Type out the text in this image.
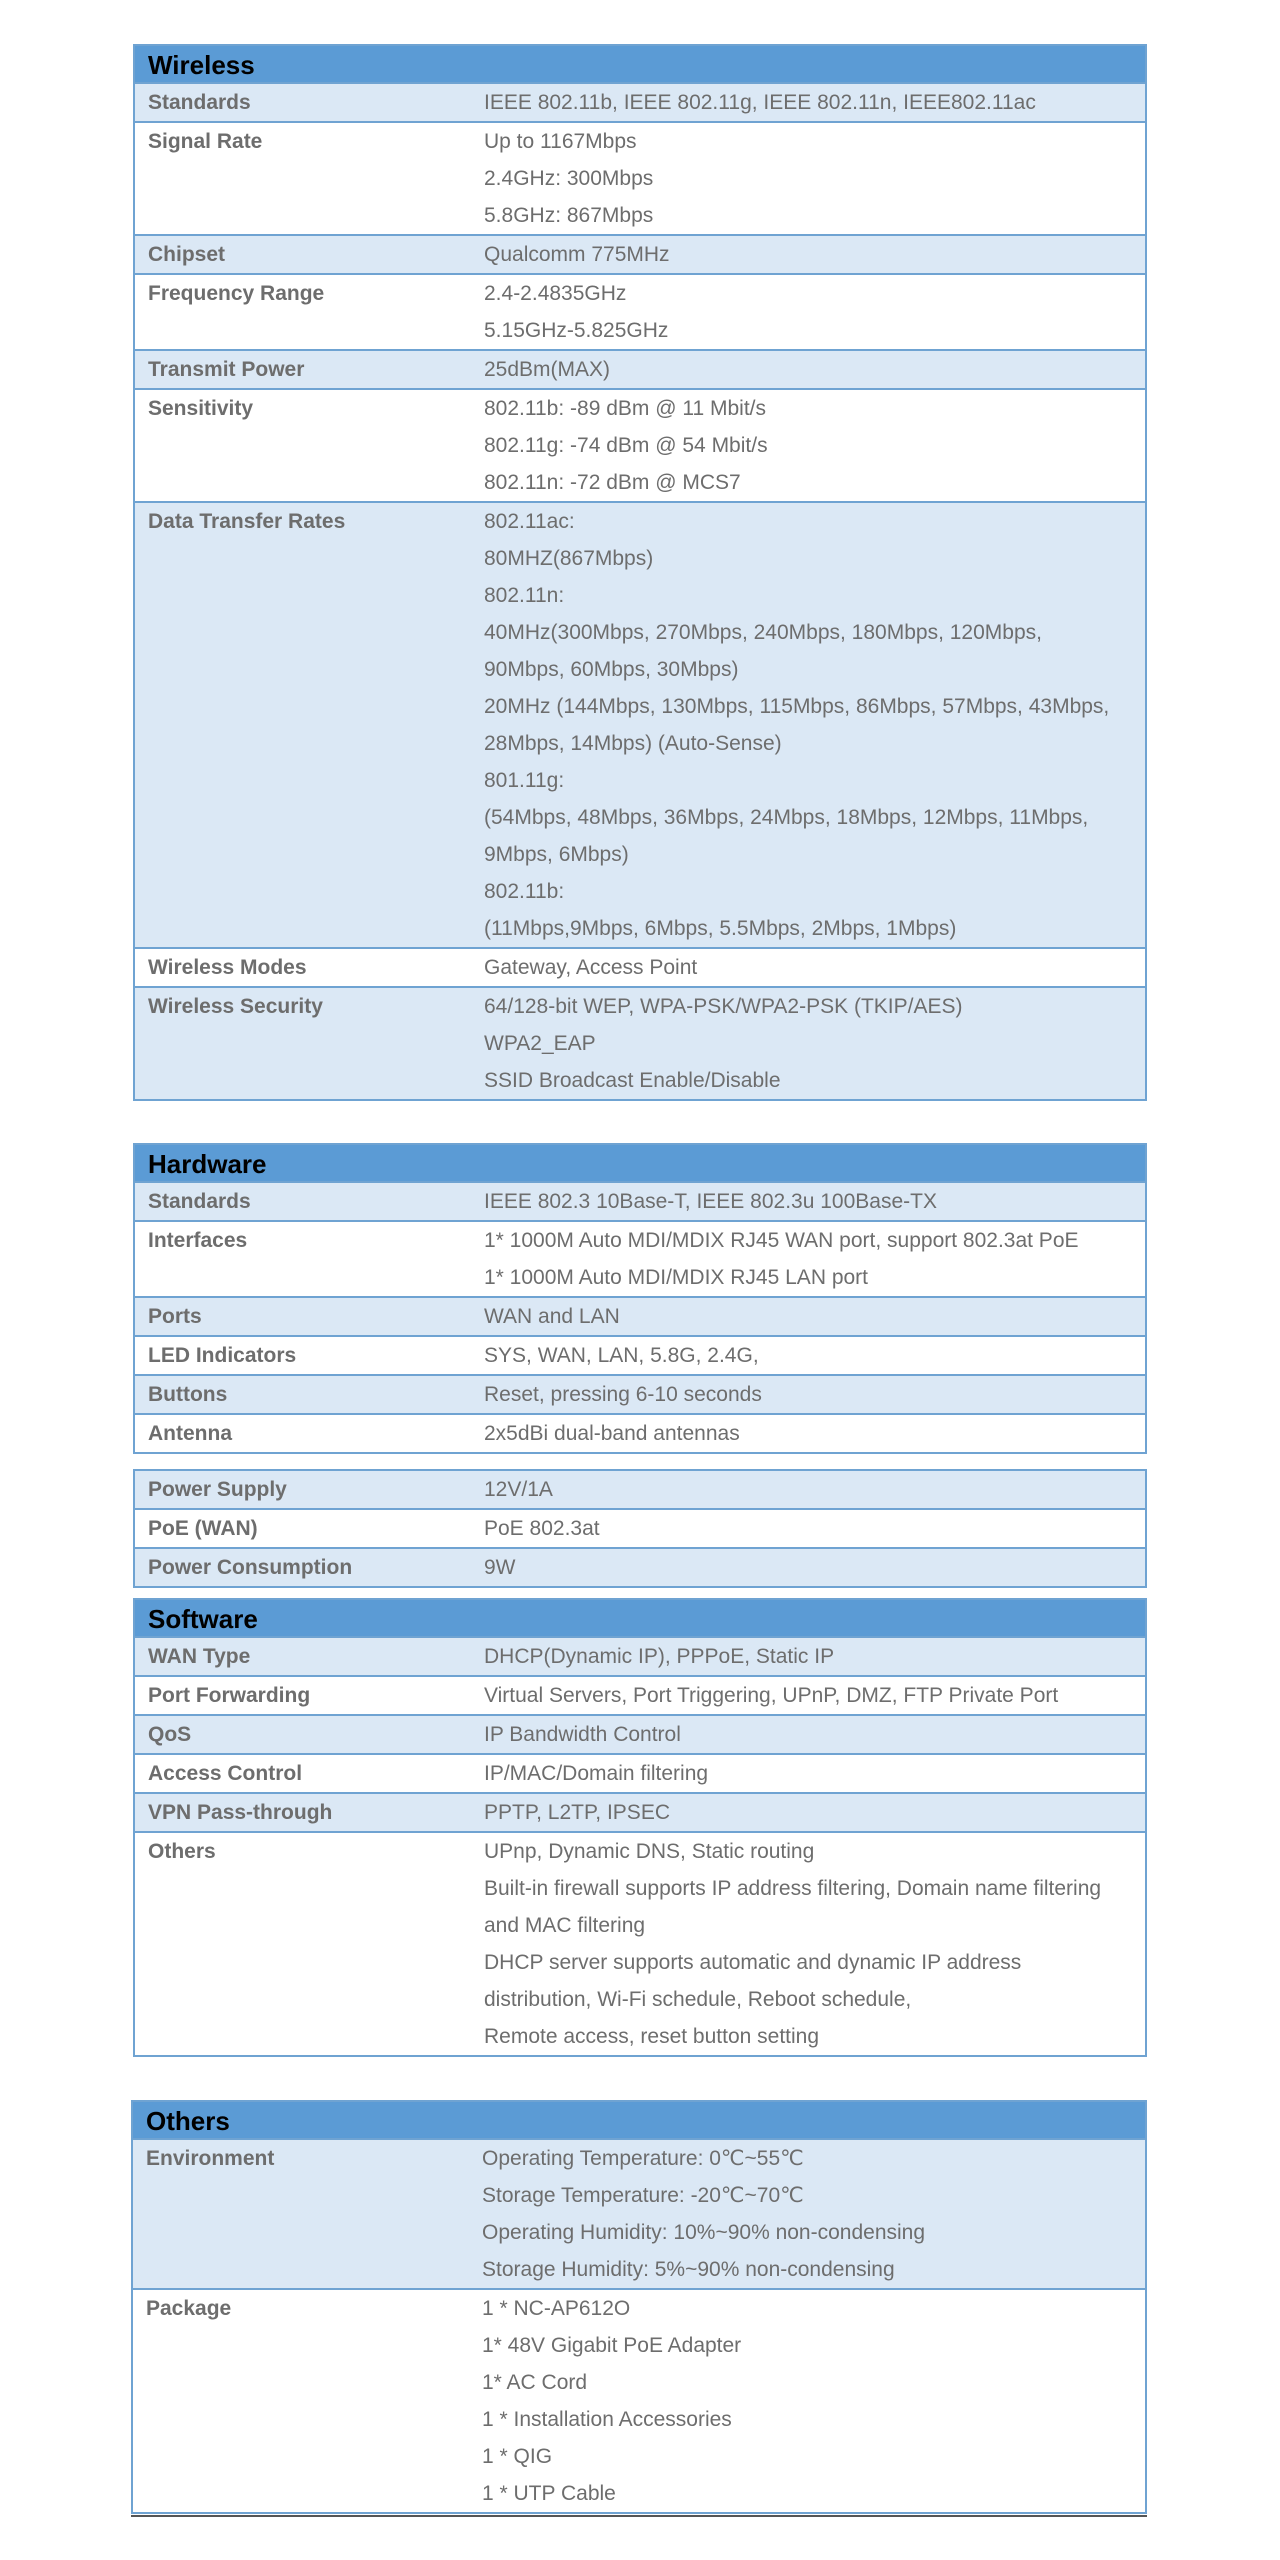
Wireless
Standards	IEEE 802.11b, IEEE 802.11g, IEEE 802.11n, IEEE802.11ac
Signal Rate	Up to 1167Mbps
2.4GHz: 300Mbps
5.8GHz: 867Mbps
Chipset	Qualcomm 775MHz
Frequency Range	2.4-2.4835GHz
5.15GHz-5.825GHz
Transmit Power	25dBm(MAX)
Sensitivity	802.11b: -89 dBm @ 11 Mbit/s
802.11g: -74 dBm @ 54 Mbit/s
802.11n: -72 dBm @ MCS7
Data Transfer Rates	802.11ac:
80MHZ(867Mbps)
802.11n:
40MHz(300Mbps, 270Mbps, 240Mbps, 180Mbps, 120Mbps,
90Mbps, 60Mbps, 30Mbps)
20MHz (144Mbps, 130Mbps, 115Mbps, 86Mbps, 57Mbps, 43Mbps,
28Mbps, 14Mbps) (Auto-Sense)
801.11g:
(54Mbps, 48Mbps, 36Mbps, 24Mbps, 18Mbps, 12Mbps, 11Mbps,
9Mbps, 6Mbps)
802.11b:
(11Mbps,9Mbps, 6Mbps, 5.5Mbps, 2Mbps, 1Mbps)
Wireless Modes	Gateway, Access Point
Wireless Security	64/128-bit WEP, WPA-PSK/WPA2-PSK (TKIP/AES)
WPA2_EAP
SSID Broadcast Enable/Disable
Hardware
Standards	IEEE 802.3 10Base-T, IEEE 802.3u 100Base-TX
Interfaces	1* 1000M Auto MDI/MDIX RJ45 WAN port, support 802.3at PoE
1* 1000M Auto MDI/MDIX RJ45 LAN port
Ports	WAN and LAN
LED Indicators	SYS, WAN, LAN, 5.8G, 2.4G,
Buttons	Reset, pressing 6-10 seconds
Antenna	2x5dBi dual-band antennas
Power Supply	12V/1A
PoE (WAN)	PoE 802.3at
Power Consumption	9W
Software
WAN Type	DHCP(Dynamic IP), PPPoE, Static IP
Port Forwarding	Virtual Servers, Port Triggering, UPnP, DMZ, FTP Private Port
QoS	IP Bandwidth Control
Access Control	IP/MAC/Domain filtering
VPN Pass-through	PPTP, L2TP, IPSEC
Others	UPnp, Dynamic DNS, Static routing
Built-in firewall supports IP address filtering, Domain name filtering
and MAC filtering
DHCP server supports automatic and dynamic IP address
distribution, Wi-Fi schedule, Reboot schedule,
Remote access, reset button setting
Others
Environment	Operating Temperature: 0℃~55℃
Storage Temperature: -20℃~70℃
Operating Humidity: 10%~90% non-condensing
Storage Humidity: 5%~90% non-condensing
Package	1 * NC-AP612O
1* 48V Gigabit PoE Adapter
1* AC Cord
1 * Installation Accessories
1 * QIG
1 * UTP Cable
